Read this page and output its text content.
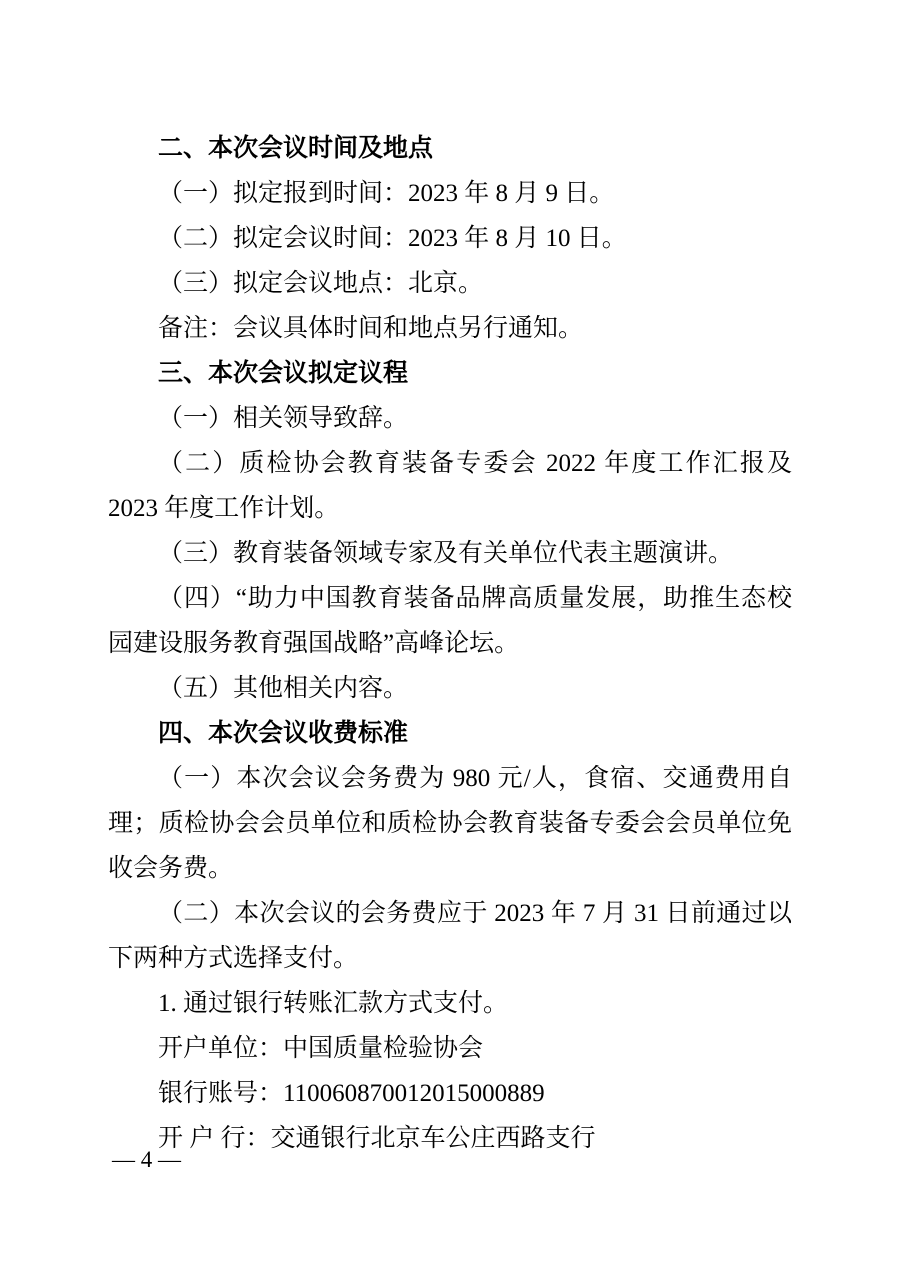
二、本次会议时间及地点

（一）拟定报到时间：2023 年 8 月 9 日。

（二）拟定会议时间：2023 年 8 月 10 日。

（三）拟定会议地点：北京。

备注：会议具体时间和地点另行通知。

三、本次会议拟定议程

（一）相关领导致辞。

（二）质检协会教育装备专委会 2022 年度工作汇报及 2023 年度工作计划。

（三）教育装备领域专家及有关单位代表主题演讲。

（四）“助力中国教育装备品牌高质量发展，助推生态校园建设服务教育强国战略”高峰论坛。

（五）其他相关内容。

四、本次会议收费标准

（一）本次会议会务费为 980 元/人，食宿、交通费用自理；质检协会会员单位和质检协会教育装备专委会会员单位免收会务费。

（二）本次会议的会务费应于 2023 年 7 月 31 日前通过以下两种方式选择支付。

1. 通过银行转账汇款方式支付。

开户单位：中国质量检验协会

银行账号：110060870012015000889

开 户 行：交通银行北京车公庄西路支行

— 4 —
